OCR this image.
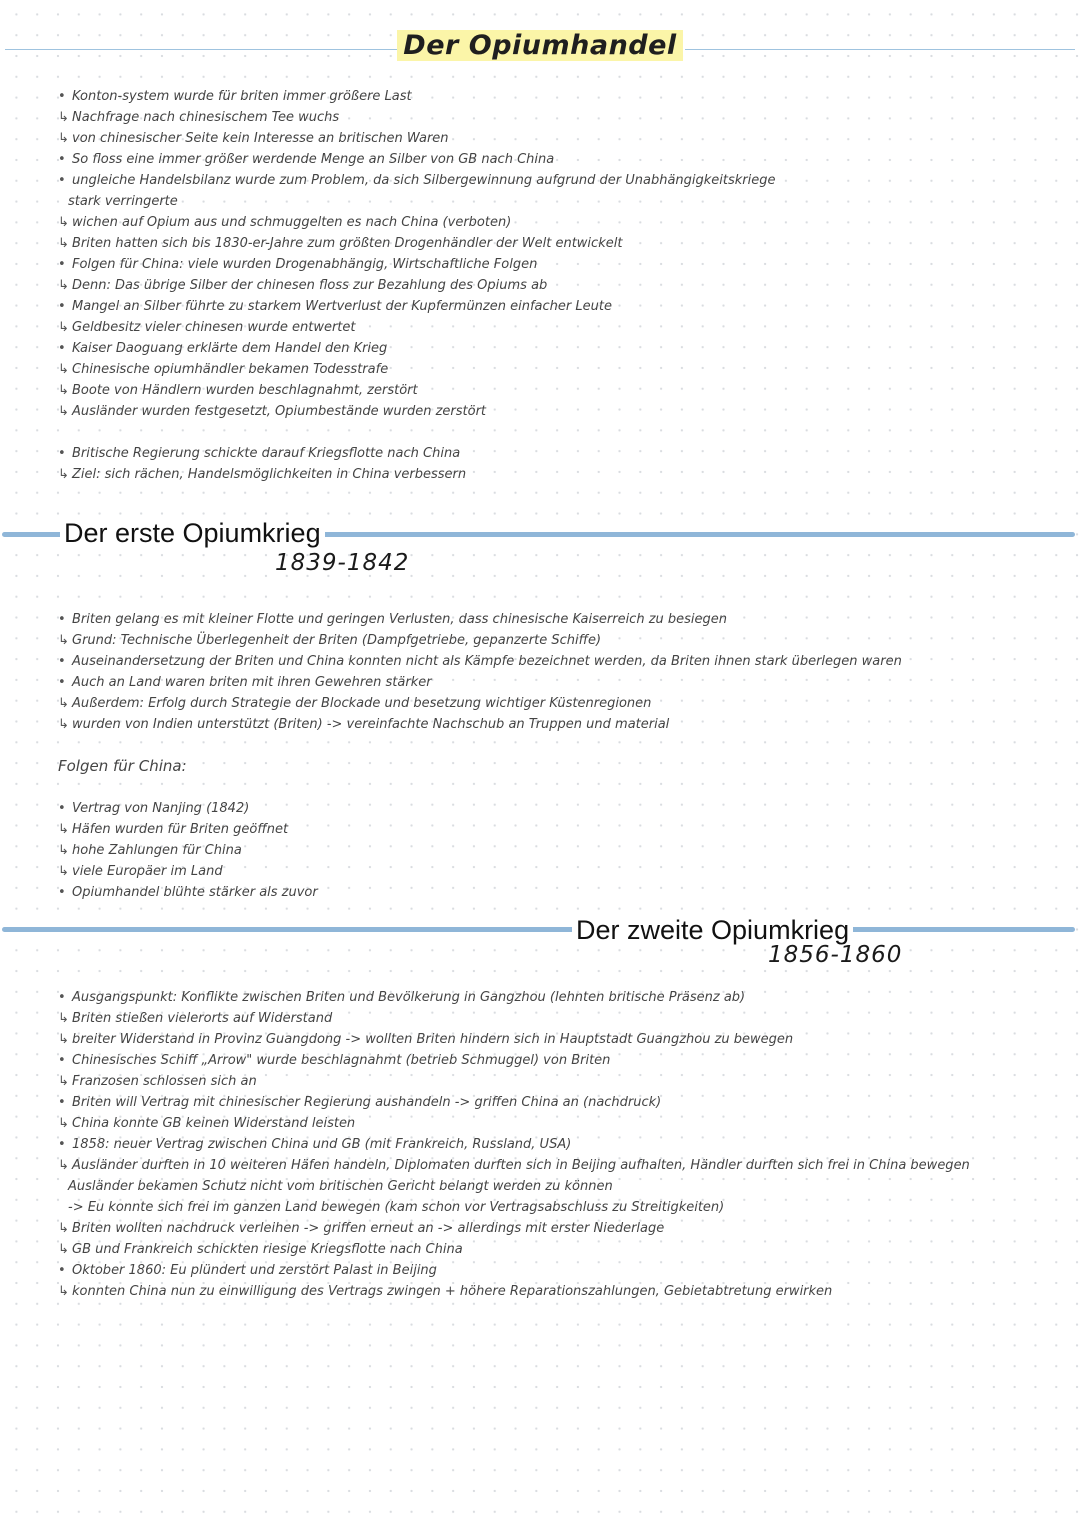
Der Opiumhandel
• Konton-system wurde für briten immer größere Last
↳ Nachfrage nach chinesischem Tee wuchs
↳ von chinesischer Seite kein Interesse an britischen Waren
• So floss eine immer größer werdende Menge an Silber von GB nach China
• ungleiche Handelsbilanz wurde zum Problem, da sich Silbergewinnung aufgrund der Unabhängigkeitskriege
stark verringerte
↳ wichen auf Opium aus und schmuggelten es nach China (verboten)
↳ Briten hatten sich bis 1830-er-Jahre zum größten Drogenhändler der Welt entwickelt
• Folgen für China: viele wurden Drogenabhängig, Wirtschaftliche Folgen
↳ Denn: Das übrige Silber der chinesen floss zur Bezahlung des Opiums ab
• Mangel an Silber führte zu starkem Wertverlust der Kupfermünzen einfacher Leute
↳ Geldbesitz vieler chinesen wurde entwertet
• Kaiser Daoguang erklärte dem Handel den Krieg
↳ Chinesische opiumhändler bekamen Todesstrafe
↳ Boote von Händlern wurden beschlagnahmt, zerstört
↳ Ausländer wurden festgesetzt, Opiumbestände wurden zerstört
• Britische Regierung schickte darauf Kriegsflotte nach China
↳ Ziel: sich rächen, Handelsmöglichkeiten in China verbessern
Der erste Opiumkrieg
1839-1842
• Briten gelang es mit kleiner Flotte und geringen Verlusten, dass chinesische Kaiserreich zu besiegen
↳ Grund: Technische Überlegenheit der Briten (Dampfgetriebe, gepanzerte Schiffe)
• Auseinandersetzung der Briten und China konnten nicht als Kämpfe bezeichnet werden, da Briten ihnen stark überlegen waren
• Auch an Land waren briten mit ihren Gewehren stärker
↳ Außerdem: Erfolg durch Strategie der Blockade und besetzung wichtiger Küstenregionen
↳ wurden von Indien unterstützt (Briten) -> vereinfachte Nachschub an Truppen und material
Folgen für China:
• Vertrag von Nanjing (1842)
↳ Häfen wurden für Briten geöffnet
↳ hohe Zahlungen für China
↳ viele Europäer im Land
• Opiumhandel blühte stärker als zuvor
Der zweite Opiumkrieg
1856-1860
• Ausgangspunkt: Konflikte zwischen Briten und Bevölkerung in Gangzhou (lehnten britische Präsenz ab)
↳ Briten stießen vielerorts auf Widerstand
↳ breiter Widerstand in Provinz Guangdong -> wollten Briten hindern sich in Hauptstadt Guangzhou zu bewegen
• Chinesisches Schiff „Arrow" wurde beschlagnahmt (betrieb Schmuggel) von Briten
↳ Franzosen schlossen sich an
• Briten will Vertrag mit chinesischer Regierung aushandeln -> griffen China an (nachdruck)
↳ China konnte GB keinen Widerstand leisten
• 1858: neuer Vertrag zwischen China und GB (mit Frankreich, Russland, USA)
↳ Ausländer durften in 10 weiteren Häfen handeln, Diplomaten durften sich in Beijing aufhalten, Händler durften sich frei in China bewegen
Ausländer bekamen Schutz nicht vom britischen Gericht belangt werden zu können
-> Eu konnte sich frei im ganzen Land bewegen (kam schon vor Vertragsabschluss zu Streitigkeiten)
↳ Briten wollten nachdruck verleihen -> griffen erneut an -> allerdings mit erster Niederlage
↳ GB und Frankreich schickten riesige Kriegsflotte nach China
• Oktober 1860: Eu plündert und zerstört Palast in Beijing
↳ konnten China nun zu einwilligung des Vertrags zwingen + höhere Reparationszahlungen, Gebietabtretung erwirken
